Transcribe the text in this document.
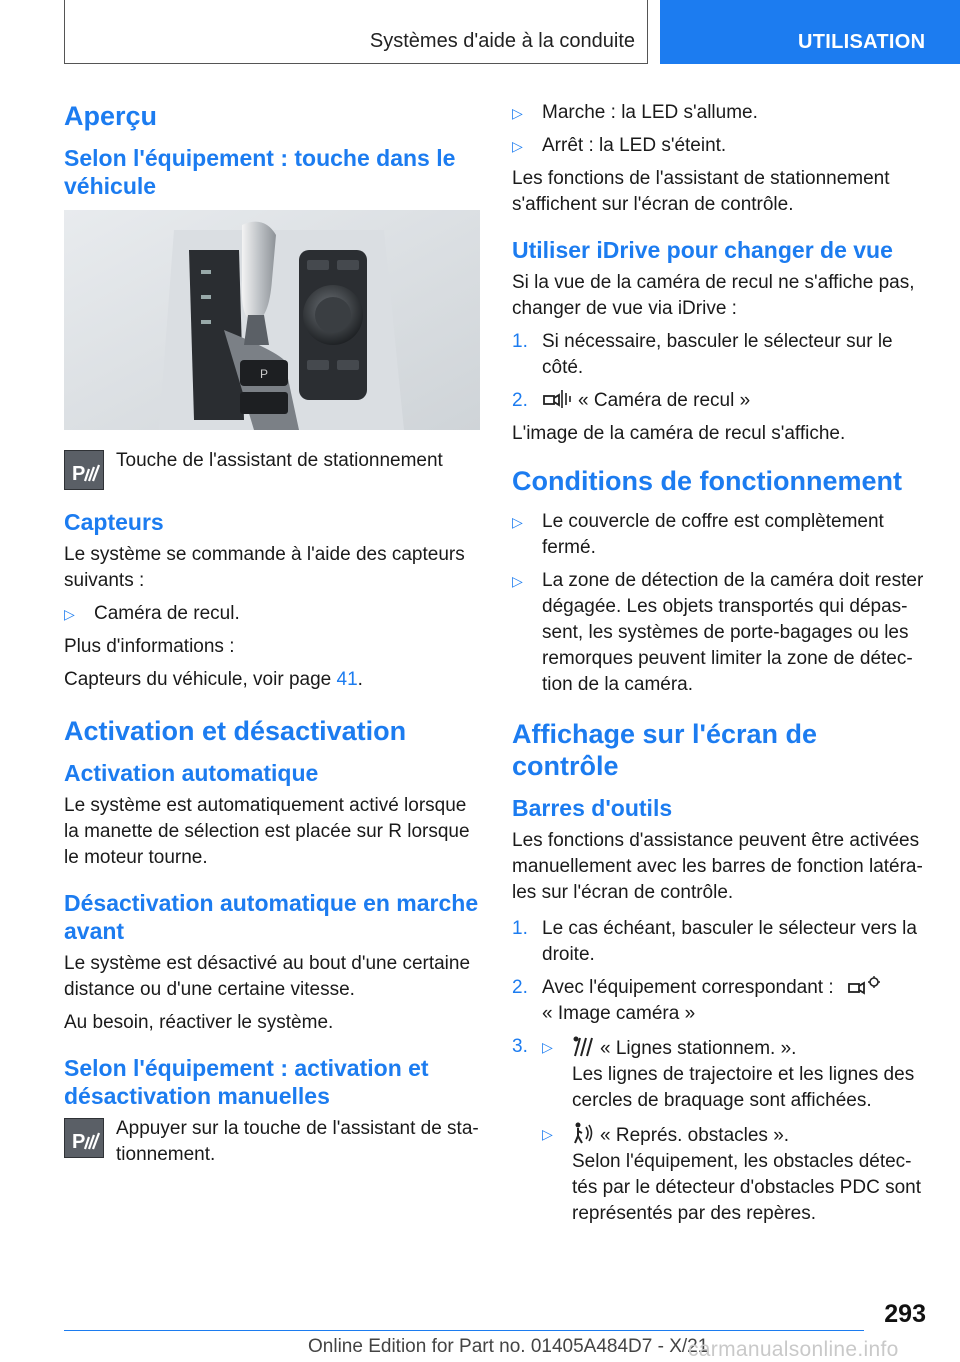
Systèmes d'aide à la conduite	UTILISATION
Aperçu
Selon l'équipement : touche dans le véhicule
P
P

Touche de l'assistant de stationnement

Capteurs

Le système se commande à l'aide des capteurs suivants :

▷ Caméra de recul.

Plus d'informations :

Capteurs du véhicule, voir page 41.

Activation et désactivation
Activation automatique

Le système est automatiquement activé lorsque la manette de sélection est placée sur R lorsque le moteur tourne.

Désactivation automatique en marche avant

Le système est désactivé au bout d'une certaine distance ou d'une certaine vitesse.

Au besoin, réactiver le système.

Selon l'équipement : activation et désactivation manuelles
P

Appuyer sur la touche de l'assistant de stationnement.

▷ Marche : la LED s'allume.
▷ Arrêt : la LED s'éteint.

Les fonctions de l'assistant de stationnement s'affichent sur l'écran de contrôle.

Utiliser iDrive pour changer de vue

Si la vue de la caméra de recul ne s'affiche pas, changer de vue via iDrive :

1. Si nécessaire, basculer le sélecteur sur le côté.
2.	« Caméra de recul »

L'image de la caméra de recul s'affiche.

Conditions de fonctionnement
▷ Le couvercle de coffre est complètement fermé.
▷ La zone de détection de la caméra doit rester dégagée. Les objets transportés qui dépassent, les systèmes de porte-bagages ou les remorques peuvent limiter la zone de détection de la caméra.
Affichage sur l'écran de contrôle
Barres d'outils

Les fonctions d'assistance peuvent être activées manuellement avec les barres de fonction latérales sur l'écran de contrôle.

1. Le cas échéant, basculer le sélecteur vers la droite.
2. Avec l'équipement correspondant :
« Image caméra »
3. ▷ « Lignes stationnem. ».
Les lignes de trajectoire et les lignes des cercles de braquage sont affichées.
▷ « Représ. obstacles ».
Selon l'équipement, les obstacles détectés par le détecteur d'obstacles PDC sont représentés par des repères.
293
Online Edition for Part no. 01405A484D7 - X/21
carmanualsonline.info
